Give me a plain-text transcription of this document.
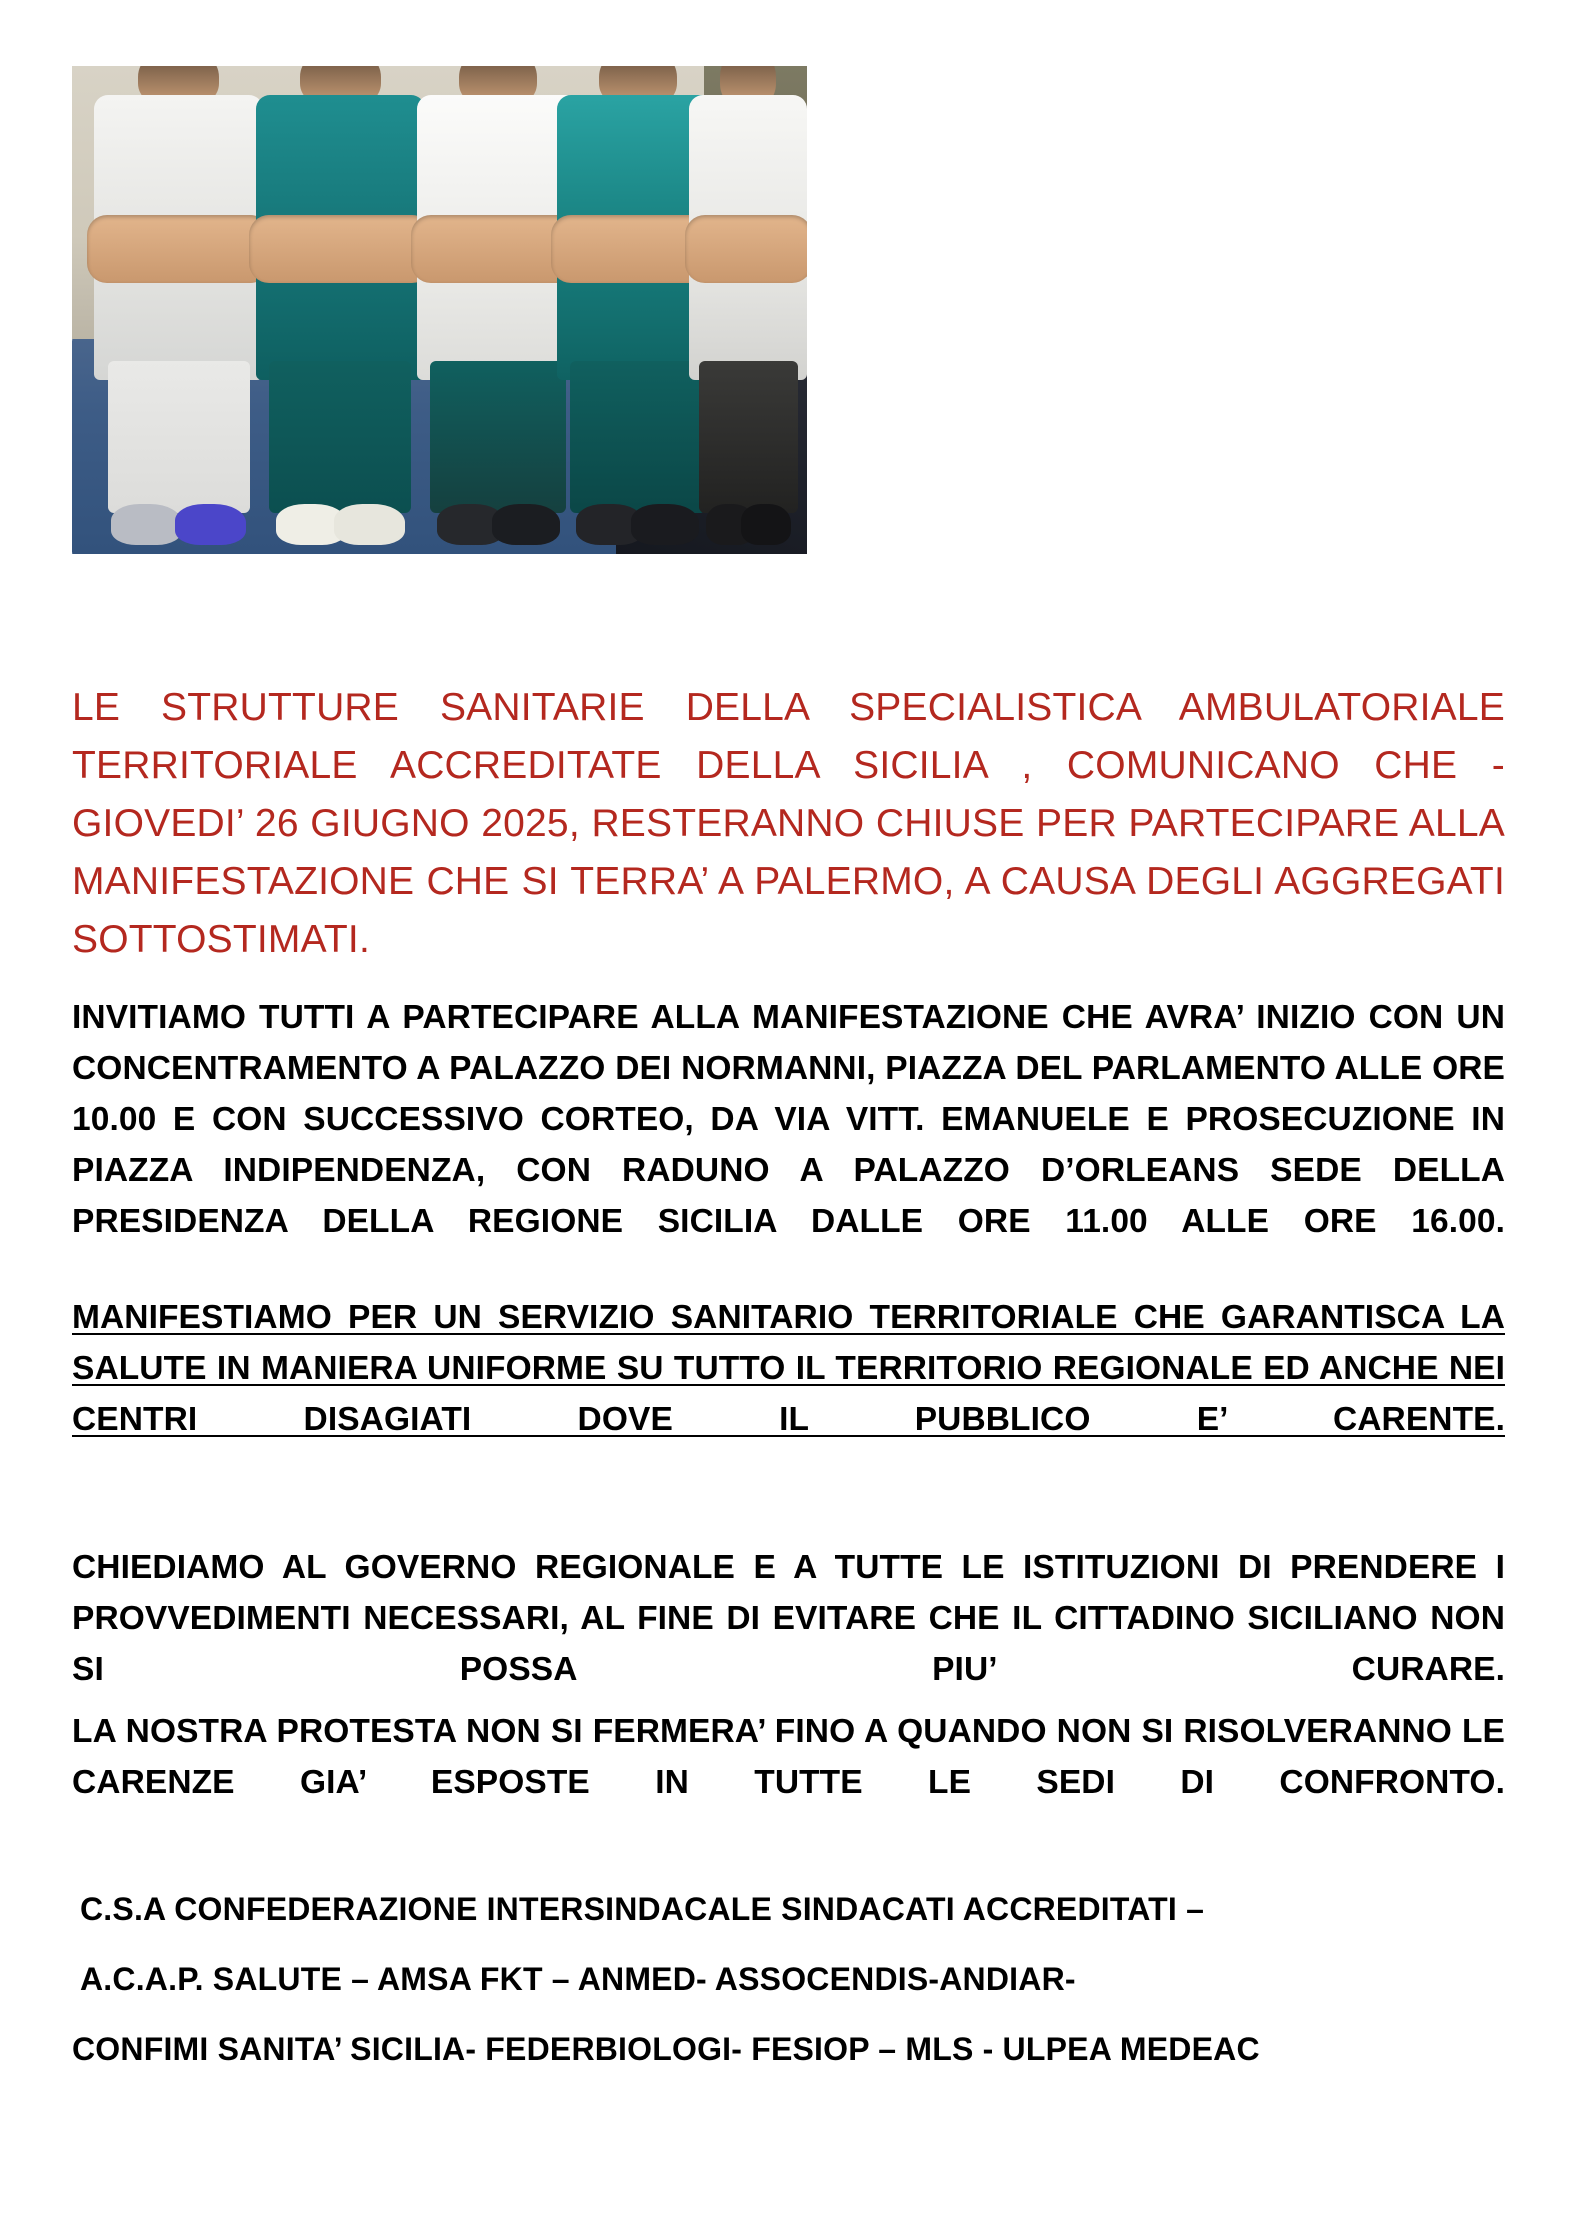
LE STRUTTURE SANITARIE DELLA SPECIALISTICA AMBULATORIALE TERRITORIALE ACCREDITATE DELLA SICILIA , COMUNICANO CHE - GIOVEDI’ 26 GIUGNO 2025, RESTERANNO CHIUSE PER PARTECIPARE ALLA MANIFESTAZIONE CHE SI TERRA’ A PALERMO, A CAUSA DEGLI AGGREGATI SOTTOSTIMATI.

INVITIAMO TUTTI A PARTECIPARE ALLA MANIFESTAZIONE CHE AVRA’ INIZIO CON UN CONCENTRAMENTO A PALAZZO DEI NORMANNI, PIAZZA DEL PARLAMENTO ALLE ORE 10.00 E CON SUCCESSIVO CORTEO, DA VIA VITT. EMANUELE E PROSECUZIONE IN PIAZZA INDIPENDENZA, CON RADUNO A PALAZZO D’ORLEANS SEDE DELLA PRESIDENZA DELLA REGIONE SICILIA DALLE ORE 11.00 ALLE ORE 16.00.

MANIFESTIAMO PER UN SERVIZIO SANITARIO TERRITORIALE CHE GARANTISCA LA SALUTE IN MANIERA UNIFORME SU TUTTO IL TERRITORIO REGIONALE ED ANCHE NEI CENTRI DISAGIATI DOVE IL PUBBLICO E’ CARENTE.

CHIEDIAMO AL GOVERNO REGIONALE E A TUTTE LE ISTITUZIONI DI PRENDERE I PROVVEDIMENTI NECESSARI, AL FINE DI EVITARE CHE IL CITTADINO SICILIANO NON SI POSSA PIU’ CURARE.

LA NOSTRA PROTESTA NON SI FERMERA’ FINO A QUANDO NON SI RISOLVERANNO LE CARENZE GIA’ ESPOSTE IN TUTTE LE SEDI DI CONFRONTO.

C.S.A CONFEDERAZIONE INTERSINDACALE SINDACATI ACCREDITATI –
A.C.A.P. SALUTE – AMSA FKT – ANMED- ASSOCENDIS-ANDIAR-
CONFIMI SANITA’ SICILIA- FEDERBIOLOGI- FESIOP – MLS - ULPEA MEDEAC
